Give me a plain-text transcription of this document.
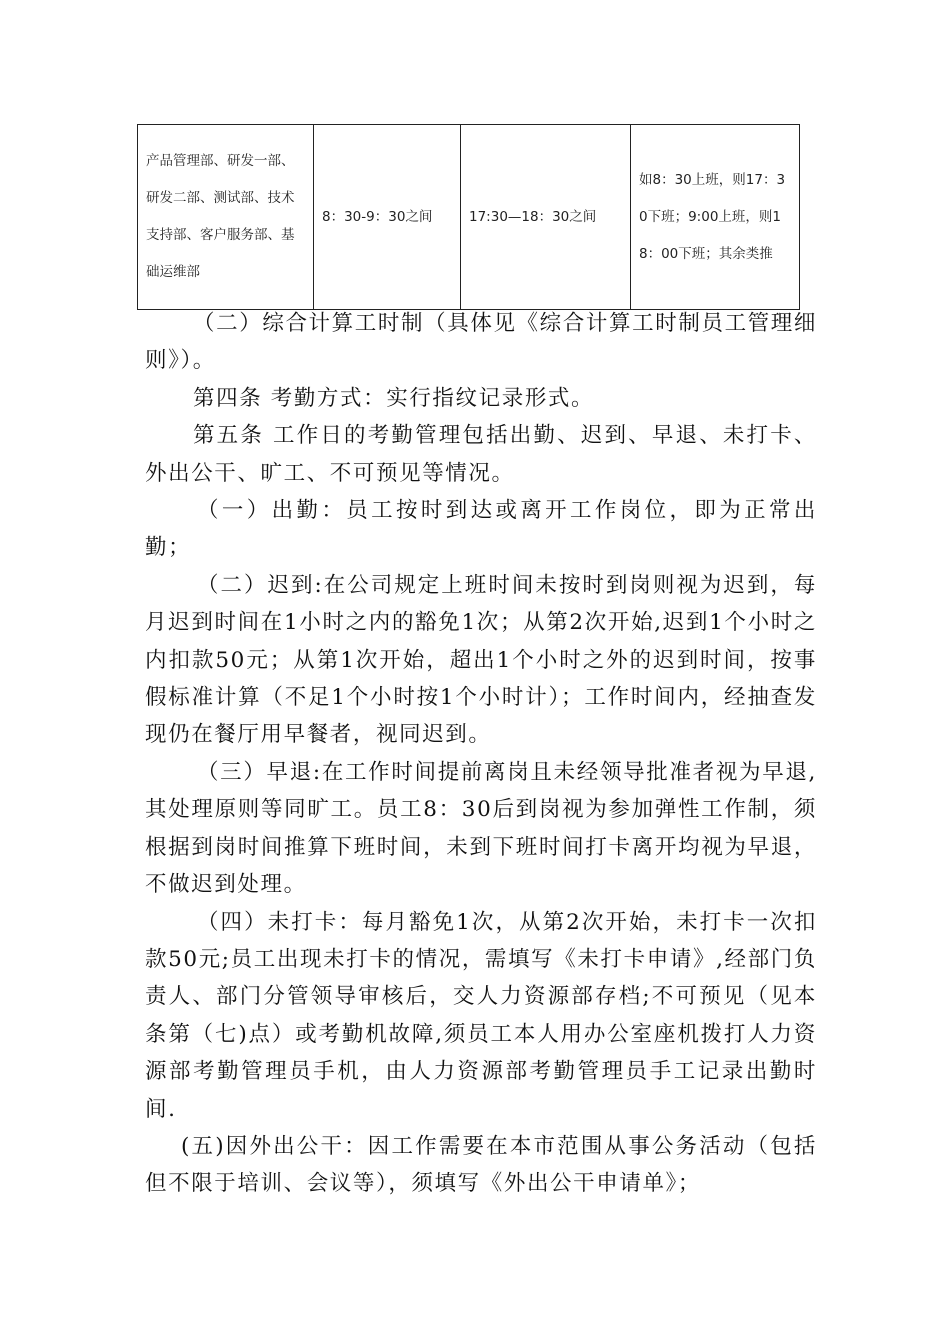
产品管理部、研发一部、研发二部、测试部、技术支持部、客户服务部、基础运维部	8：30-9：30之间	17:30—18：30之间	如8：30上班，则17：30下班；9:00上班，则18：00下班；其余类推

（二）综合计算工时制（具体见《综合计算工时制员工管理细则》）。

第四条 考勤方式：实行指纹记录形式。

第五条 工作日的考勤管理包括出勤、迟到、早退、未打卡、外出公干、旷工、不可预见等情况。

（一）出勤：员工按时到达或离开工作岗位，即为正常出勤；

（二）迟到:在公司规定上班时间未按时到岗则视为迟到，每月迟到时间在1小时之内的豁免1次；从第2次开始,迟到1个小时之内扣款50元；从第1次开始，超出1个小时之外的迟到时间，按事假标准计算（不足1个小时按1个小时计）；工作时间内，经抽查发现仍在餐厅用早餐者，视同迟到。

（三）早退:在工作时间提前离岗且未经领导批准者视为早退,其处理原则等同旷工。员工8：30后到岗视为参加弹性工作制，须根据到岗时间推算下班时间，未到下班时间打卡离开均视为早退，不做迟到处理。

（四）未打卡：每月豁免1次，从第2次开始，未打卡一次扣款50元;员工出现未打卡的情况，需填写《未打卡申请》,经部门负责人、部门分管领导审核后，交人力资源部存档;不可预见（见本条第（七)点）或考勤机故障,须员工本人用办公室座机拨打人力资源部考勤管理员手机，由人力资源部考勤管理员手工记录出勤时间.

(五)因外出公干：因工作需要在本市范围从事公务活动（包括但不限于培训、会议等），须填写《外出公干申请单》；
